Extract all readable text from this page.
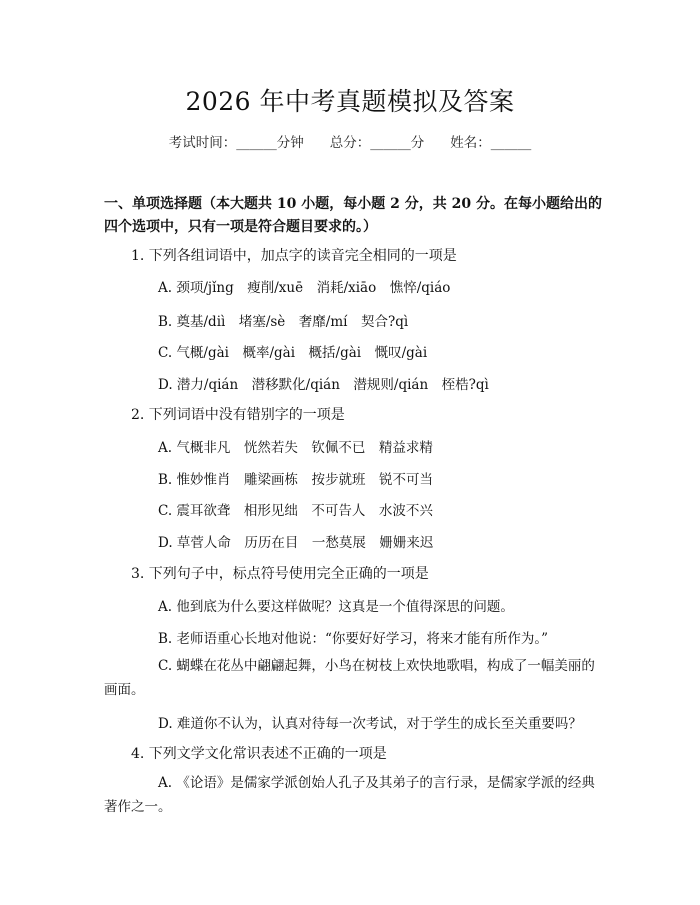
2026 年中考真题模拟及答案
考试时间：______分钟 总分：______分 姓名：______
一、单项选择题（本大题共 10 小题，每小题 2 分，共 20 分。在每小题给出的四个选项中，只有一项是符合题目要求的。）
1. 下列各组词语中，加点字的读音完全相同的一项是
A. 颈项/jǐng　瘦削/xuē　消耗/xiāo　憔悴/qiáo
B. 奠基/diì　堵塞/sè　奢靡/mí　契合?qì
C. 气概/gài　概率/gài　概括/gài　慨叹/gài
D. 潜力/qián　潜移默化/qián　潜规则/qián　桎梏?qì
2. 下列词语中没有错别字的一项是
A. 气概非凡　恍然若失　钦佩不已　精益求精
B. 惟妙惟肖　雕梁画栋　按步就班　锐不可当
C. 震耳欲聋　相形见绌　不可告人　水波不兴
D. 草菅人命　历历在目　一愁莫展　姗姗来迟
3. 下列句子中，标点符号使用完全正确的一项是
A. 他到底为什么要这样做呢？这真是一个值得深思的问题。
B. 老师语重心长地对他说：“你要好好学习，将来才能有所作为。”
C. 蝴蝶在花丛中翩翩起舞，小鸟在树枝上欢快地歌唱，构成了一幅美丽的画面。
D. 难道你不认为，认真对待每一次考试，对于学生的成长至关重要吗？
4. 下列文学文化常识表述不正确的一项是
A. 《论语》是儒家学派创始人孔子及其弟子的言行录，是儒家学派的经典著作之一。
